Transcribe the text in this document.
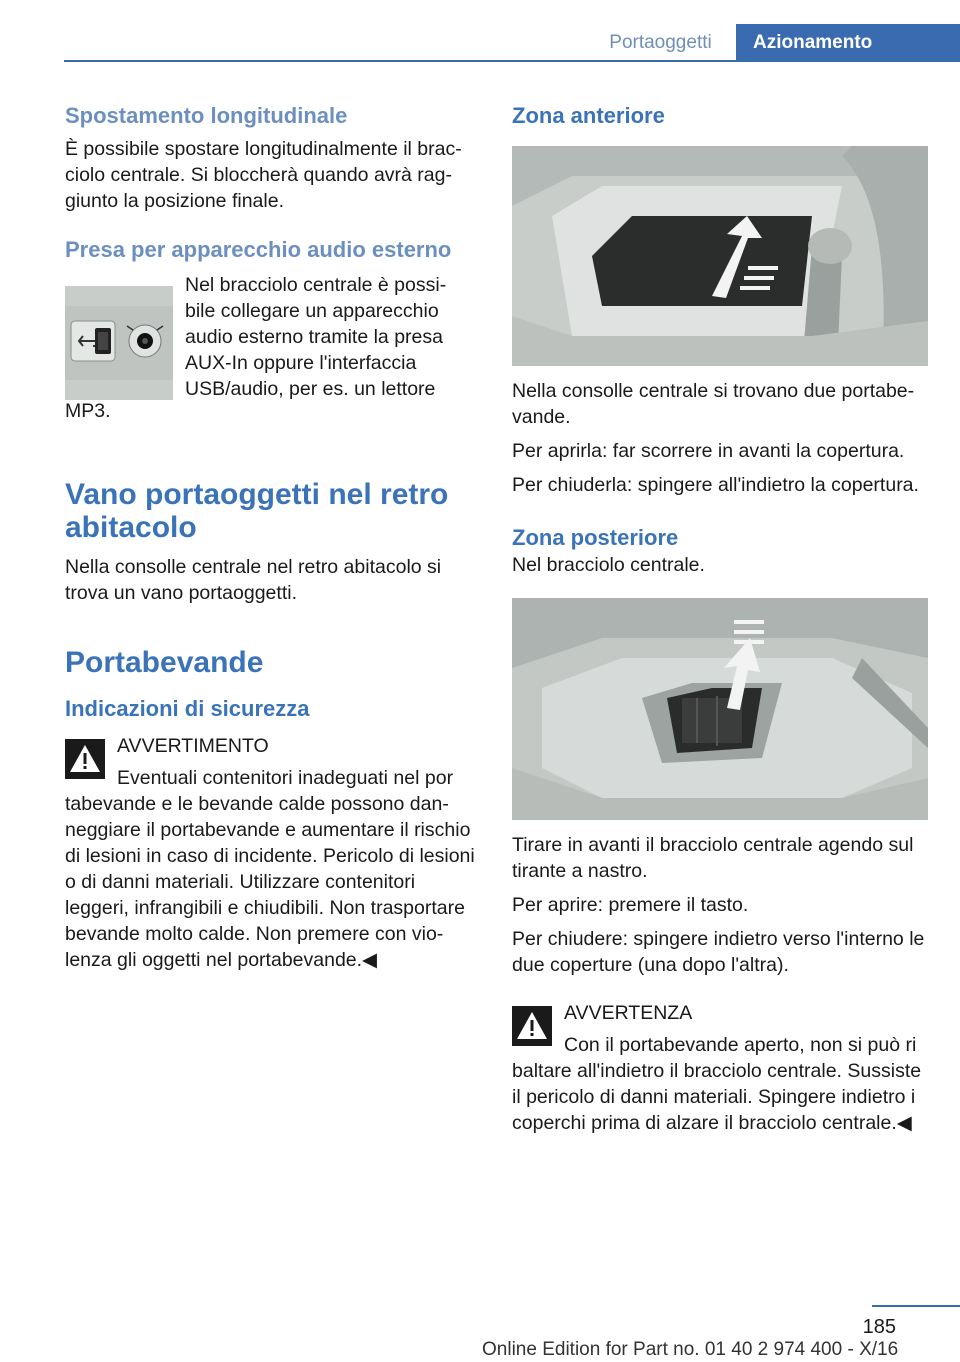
Portaoggetti	Azionamento
Spostamento longitudinale

È possibile spostare longitudinalmente il bracciolo centrale. Si bloccherà quando avrà raggiunto la posizione finale.

Presa per apparecchio audio esterno

Nel bracciolo centrale è possi‐

bile collegare un apparecchio

audio esterno tramite la presa

AUX-In oppure l'interfaccia

USB/audio, per es. un lettore

MP3.

Vano portaoggetti nel retro abitacolo

Nella consolle centrale nel retro abitacolo si trova un vano portaoggetti.

Portabevande
Indicazioni di sicurezza

AVVERTIMENTO

Eventuali contenitori inadeguati nel por

tabevande e le bevande calde possono danneggiare il portabevande e aumentare il rischio di lesioni in caso di incidente. Pericolo di lesioni o di danni materiali. Utilizzare contenitori leggeri, infrangibili e chiudibili. Non trasportare bevande molto calde. Non premere con violenza gli oggetti nel portabevande.◀

Zona anteriore

Nella consolle centrale si trovano due portabevande.

Per aprirla: far scorrere in avanti la copertura.

Per chiuderla: spingere all'indietro la copertura.

Zona posteriore

Nel bracciolo centrale.

Tirare in avanti il bracciolo centrale agendo sul tirante a nastro.

Per aprire: premere il tasto.

Per chiudere: spingere indietro verso l'interno le due coperture (una dopo l'altra).

AVVERTENZA

Con il portabevande aperto, non si può ri

baltare all'indietro il bracciolo centrale. Sussiste il pericolo di danni materiali. Spingere indietro i coperchi prima di alzare il bracciolo centrale.◀

185
Online Edition for Part no. 01 40 2 974 400 - X/16
